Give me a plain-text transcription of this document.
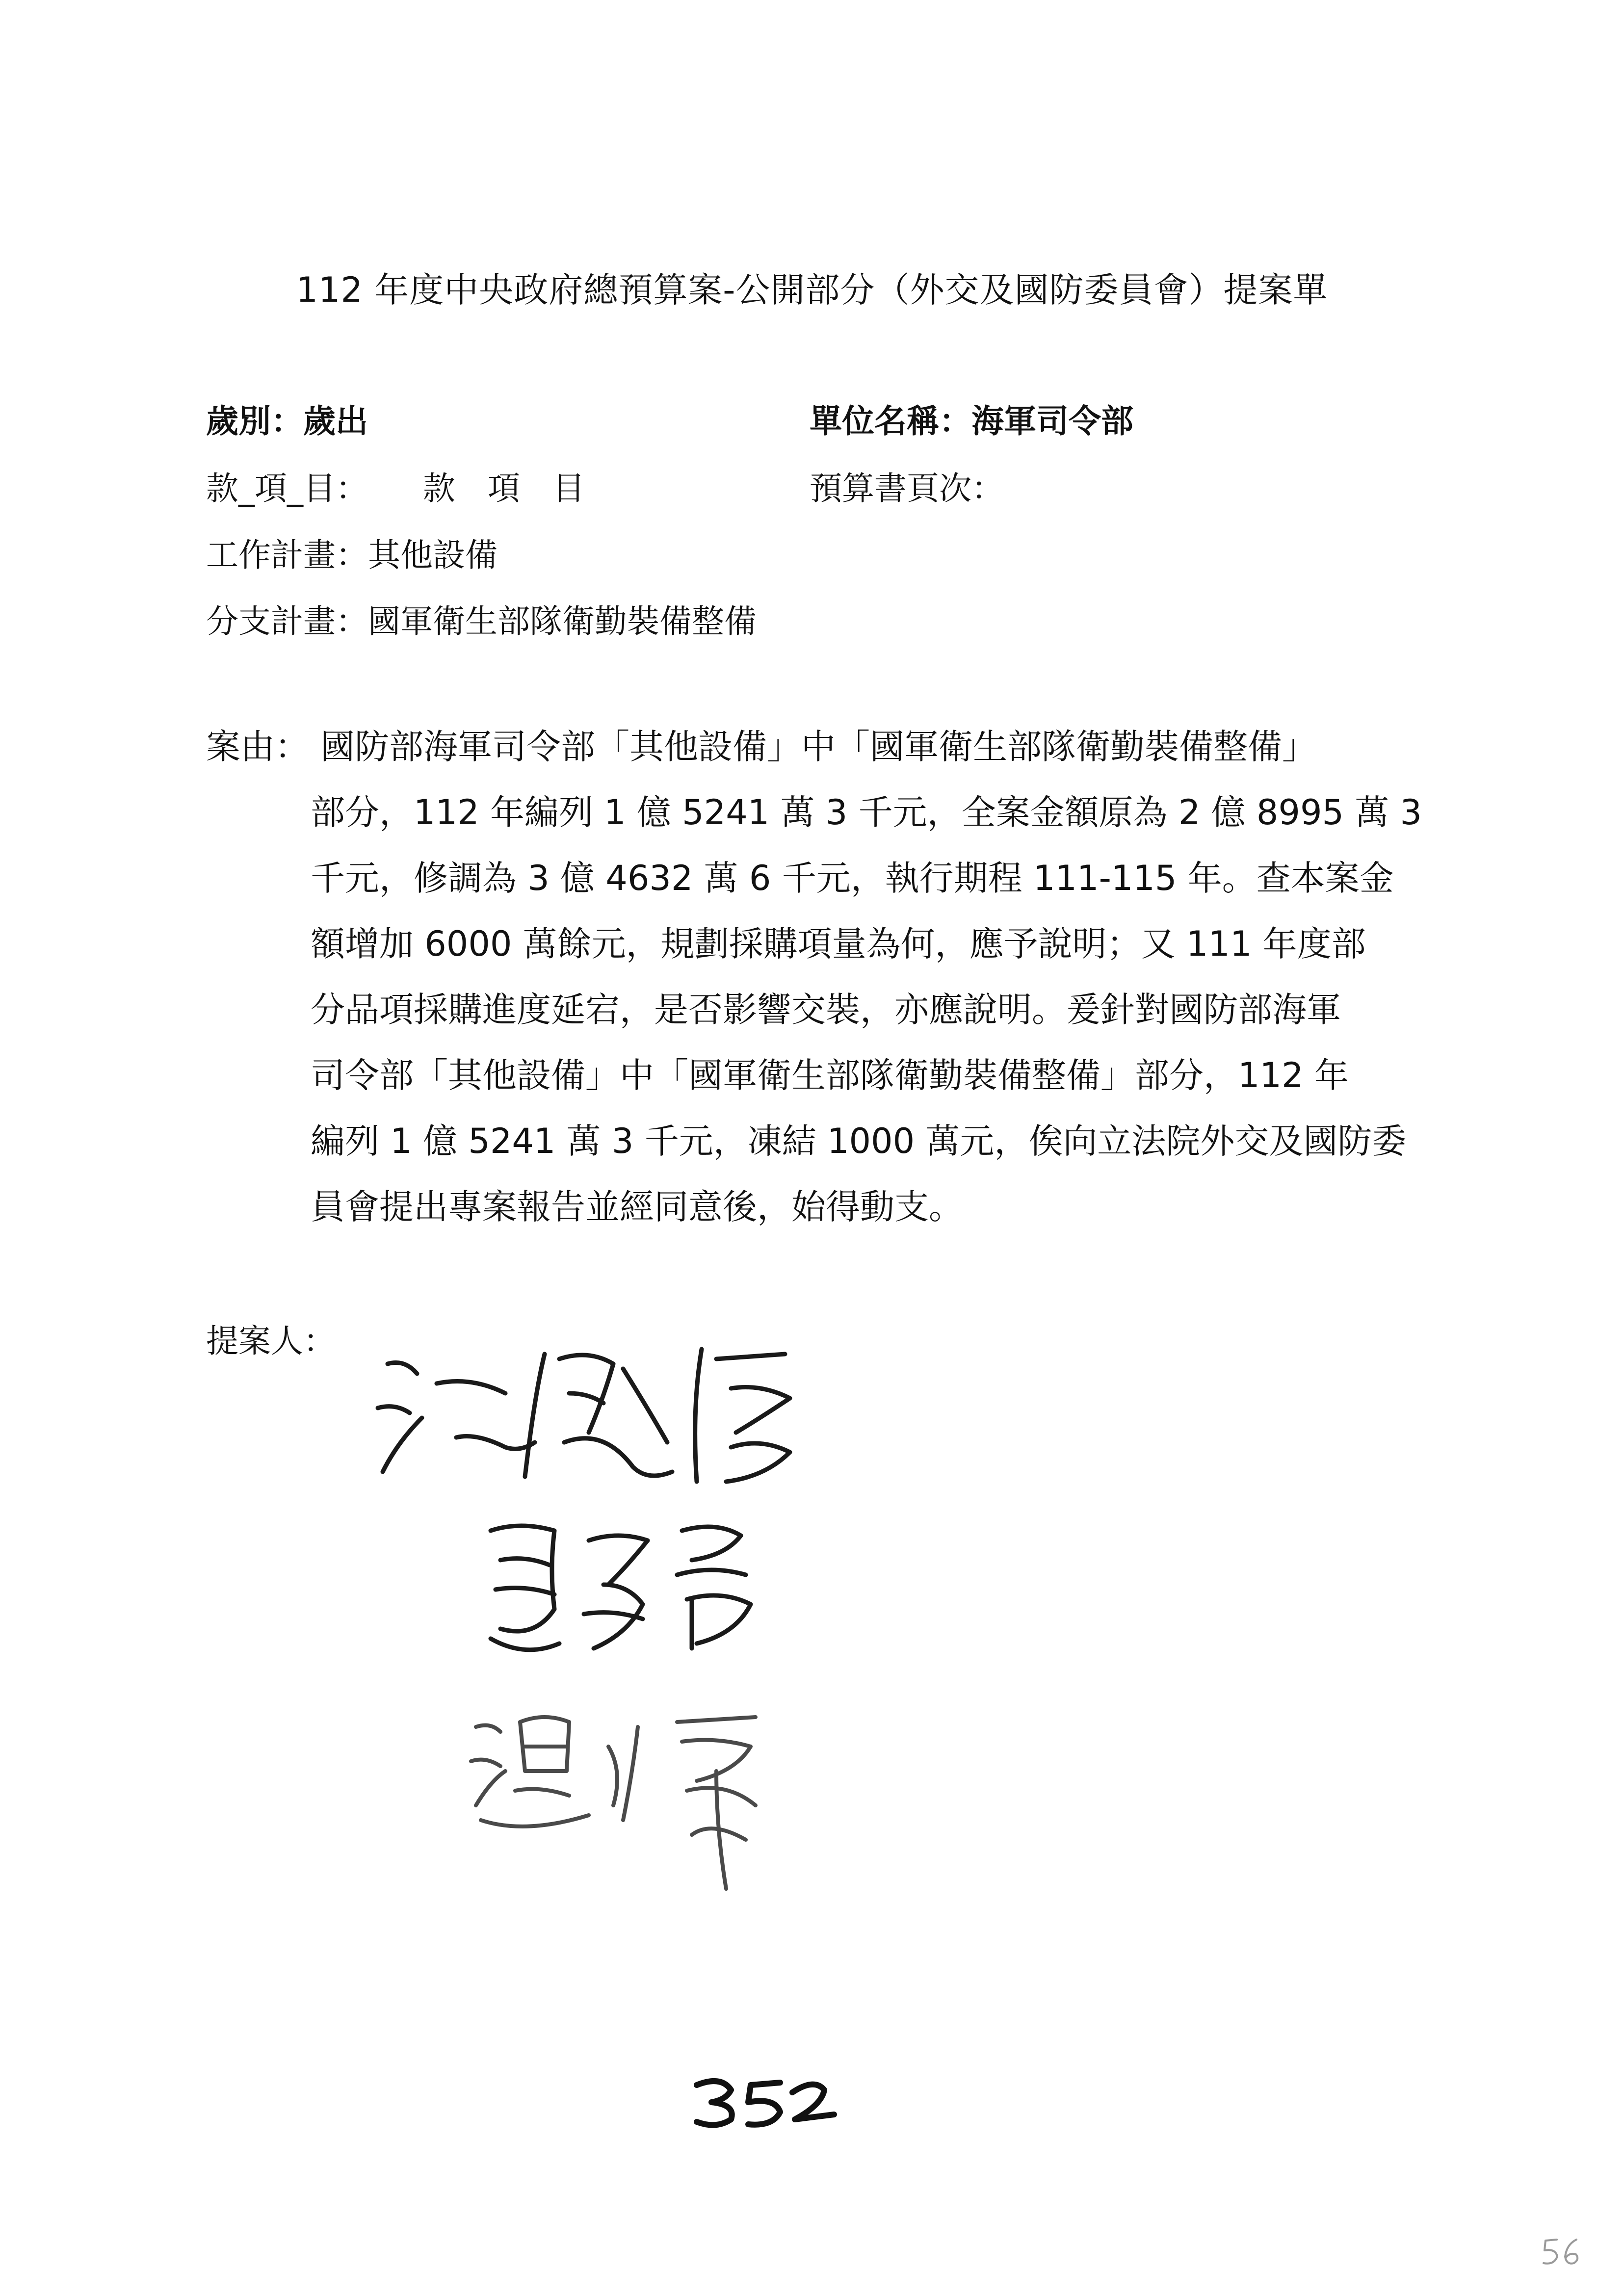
112 年度中央政府總預算案-公開部分（外交及國防委員會）提案單
歲別：歲出	單位名稱：海軍司令部
款_項_目： 款　項　目	預算書頁次：
工作計畫：其他設備
分支計畫：國軍衛生部隊衛勤裝備整備
案由： 國防部海軍司令部「其他設備」中「國軍衛生部隊衛勤裝備整備」
部分，112 年編列 1 億 5241 萬 3 千元，全案金額原為 2 億 8995 萬 3
千元，修調為 3 億 4632 萬 6 千元，執行期程 111-115 年。查本案金
額增加 6000 萬餘元，規劃採購項量為何，應予說明；又 111 年度部
分品項採購進度延宕，是否影響交裝，亦應說明。爰針對國防部海軍
司令部「其他設備」中「國軍衛生部隊衛勤裝備整備」部分，112 年
編列 1 億 5241 萬 3 千元，凍結 1000 萬元，俟向立法院外交及國防委
員會提出專案報告並經同意後，始得動支。
提案人：
